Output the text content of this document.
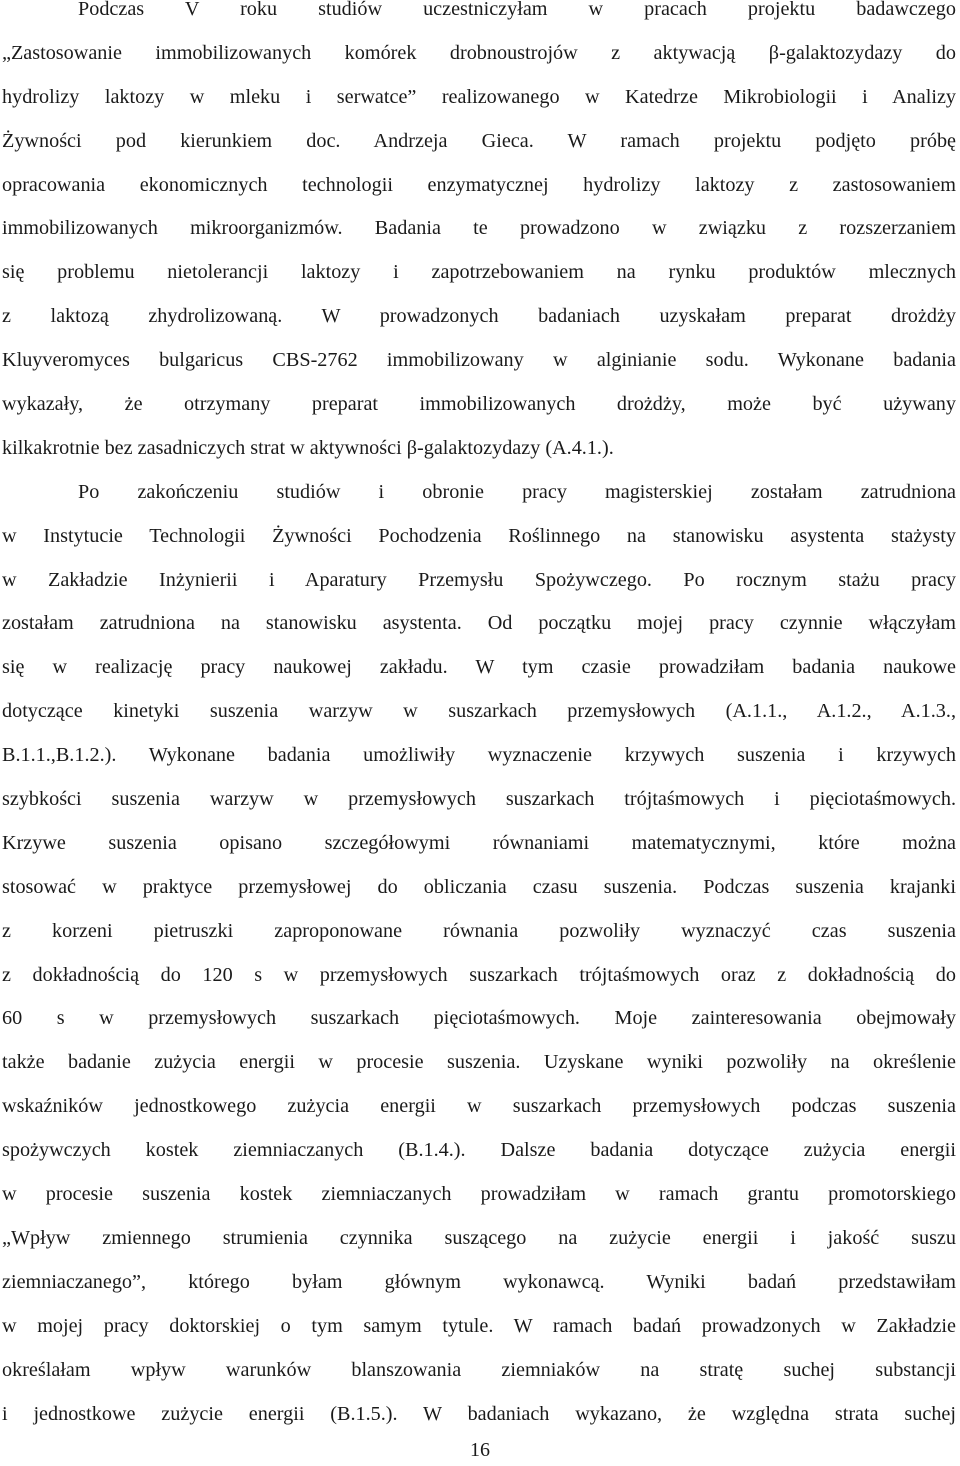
Podczas V roku studiów uczestniczyłam w pracach projektu badawczego
„Zastosowanie immobilizowanych komórek drobnoustrojów z aktywacją β-galaktozydazy do
hydrolizy laktozy w mleku i serwatce” realizowanego w Katedrze Mikrobiologii i Analizy
Żywności pod kierunkiem doc. Andrzeja Gieca. W ramach projektu podjęto próbę
opracowania ekonomicznych technologii enzymatycznej hydrolizy laktozy z zastosowaniem
immobilizowanych mikroorganizmów. Badania te prowadzono w związku z rozszerzaniem
się problemu nietolerancji laktozy i zapotrzebowaniem na rynku produktów mlecznych
z laktozą zhydrolizowaną. W prowadzonych badaniach uzyskałam preparat drożdży
Kluyveromyces bulgaricus CBS-2762 immobilizowany w alginianie sodu. Wykonane badania
wykazały, że otrzymany preparat immobilizowanych drożdży, może być używany
kilkakrotnie bez zasadniczych strat w aktywności β-galaktozydazy (A.4.1.).
Po zakończeniu studiów i obronie pracy magisterskiej zostałam zatrudniona
w Instytucie Technologii Żywności Pochodzenia Roślinnego na stanowisku asystenta stażysty
w Zakładzie Inżynierii i Aparatury Przemysłu Spożywczego. Po rocznym stażu pracy
zostałam zatrudniona na stanowisku asystenta. Od początku mojej pracy czynnie włączyłam
się w realizację pracy naukowej zakładu. W tym czasie prowadziłam badania naukowe
dotyczące kinetyki suszenia warzyw w suszarkach przemysłowych (A.1.1., A.1.2., A.1.3.,
B.1.1.,B.1.2.). Wykonane badania umożliwiły wyznaczenie krzywych suszenia i krzywych
szybkości suszenia warzyw w przemysłowych suszarkach trójtaśmowych i pięciotaśmowych.
Krzywe suszenia opisano szczegółowymi równaniami matematycznymi, które można
stosować w praktyce przemysłowej do obliczania czasu suszenia. Podczas suszenia krajanki
z korzeni pietruszki zaproponowane równania pozwoliły wyznaczyć czas suszenia
z dokładnością do 120 s w przemysłowych suszarkach trójtaśmowych oraz z dokładnością do
60 s w przemysłowych suszarkach pięciotaśmowych. Moje zainteresowania obejmowały
także badanie zużycia energii w procesie suszenia. Uzyskane wyniki pozwoliły na określenie
wskaźników jednostkowego zużycia energii w suszarkach przemysłowych podczas suszenia
spożywczych kostek ziemniaczanych (B.1.4.). Dalsze badania dotyczące zużycia energii
w procesie suszenia kostek ziemniaczanych prowadziłam w ramach grantu promotorskiego
„Wpływ zmiennego strumienia czynnika suszącego na zużycie energii i jakość suszu
ziemniaczanego”, którego byłam głównym wykonawcą. Wyniki badań przedstawiłam
w mojej pracy doktorskiej o tym samym tytule. W ramach badań prowadzonych w Zakładzie
określałam wpływ warunków blanszowania ziemniaków na stratę suchej substancji
i jednostkowe zużycie energii (B.1.5.). W badaniach wykazano, że względna strata suchej
16
